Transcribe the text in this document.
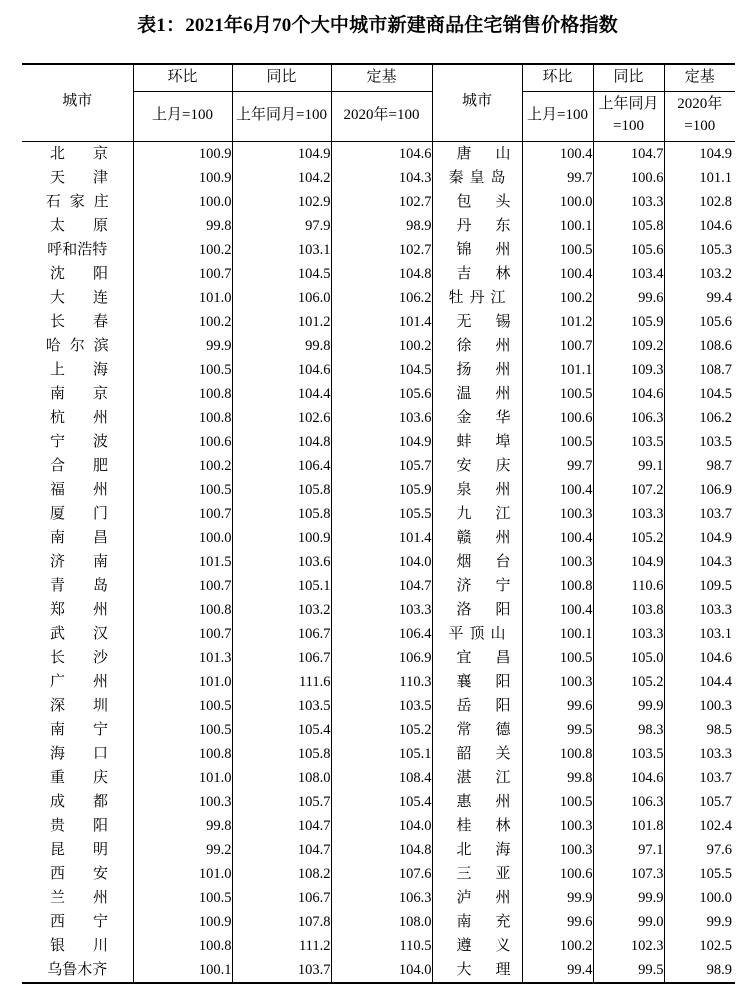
表1：2021年6月70个大中城市新建商品住宅销售价格指数

城市	环比	同比	定基	城市	环比	同比	定基
	上月=100	上年同月=100	2020年=100		上月=100	上年同月=100	2020年=100
北京	100.9	104.9	104.6	唐山	100.4	104.7	104.9
天津	100.9	104.2	104.3	秦皇岛	99.7	100.6	101.1
石家庄	100.0	102.9	102.7	包头	100.0	103.3	102.8
太原	99.8	97.9	98.9	丹东	100.1	105.8	104.6
呼和浩特	100.2	103.1	102.7	锦州	100.5	105.6	105.3
沈阳	100.7	104.5	104.8	吉林	100.4	103.4	103.2
大连	101.0	106.0	106.2	牡丹江	100.2	99.6	99.4
长春	100.2	101.2	101.4	无锡	101.2	105.9	105.6
哈尔滨	99.9	99.8	100.2	徐州	100.7	109.2	108.6
上海	100.5	104.6	104.5	扬州	101.1	109.3	108.7
南京	100.8	104.4	105.6	温州	100.5	104.6	104.5
杭州	100.8	102.6	103.6	金华	100.6	106.3	106.2
宁波	100.6	104.8	104.9	蚌埠	100.5	103.5	103.5
合肥	100.2	106.4	105.7	安庆	99.7	99.1	98.7
福州	100.5	105.8	105.9	泉州	100.4	107.2	106.9
厦门	100.7	105.8	105.5	九江	100.3	103.3	103.7
南昌	100.0	100.9	101.4	赣州	100.4	105.2	104.9
济南	101.5	103.6	104.0	烟台	100.3	104.9	104.3
青岛	100.7	105.1	104.7	济宁	100.8	110.6	109.5
郑州	100.8	103.2	103.3	洛阳	100.4	103.8	103.3
武汉	100.7	106.7	106.4	平顶山	100.1	103.3	103.1
长沙	101.3	106.7	106.9	宜昌	100.5	105.0	104.6
广州	101.0	111.6	110.3	襄阳	100.3	105.2	104.4
深圳	100.5	103.5	103.5	岳阳	99.6	99.9	100.3
南宁	100.5	105.4	105.2	常德	99.5	98.3	98.5
海口	100.8	105.8	105.1	韶关	100.8	103.5	103.3
重庆	101.0	108.0	108.4	湛江	99.8	104.6	103.7
成都	100.3	105.7	105.4	惠州	100.5	106.3	105.7
贵阳	99.8	104.7	104.0	桂林	100.3	101.8	102.4
昆明	99.2	104.7	104.8	北海	100.3	97.1	97.6
西安	101.0	108.2	107.6	三亚	100.6	107.3	105.5
兰州	100.5	106.7	106.3	泸州	99.9	99.9	100.0
西宁	100.9	107.8	108.0	南充	99.6	99.0	99.9
银川	100.8	111.2	110.5	遵义	100.2	102.3	102.5
乌鲁木齐	100.1	103.7	104.0	大理	99.4	99.5	98.9
